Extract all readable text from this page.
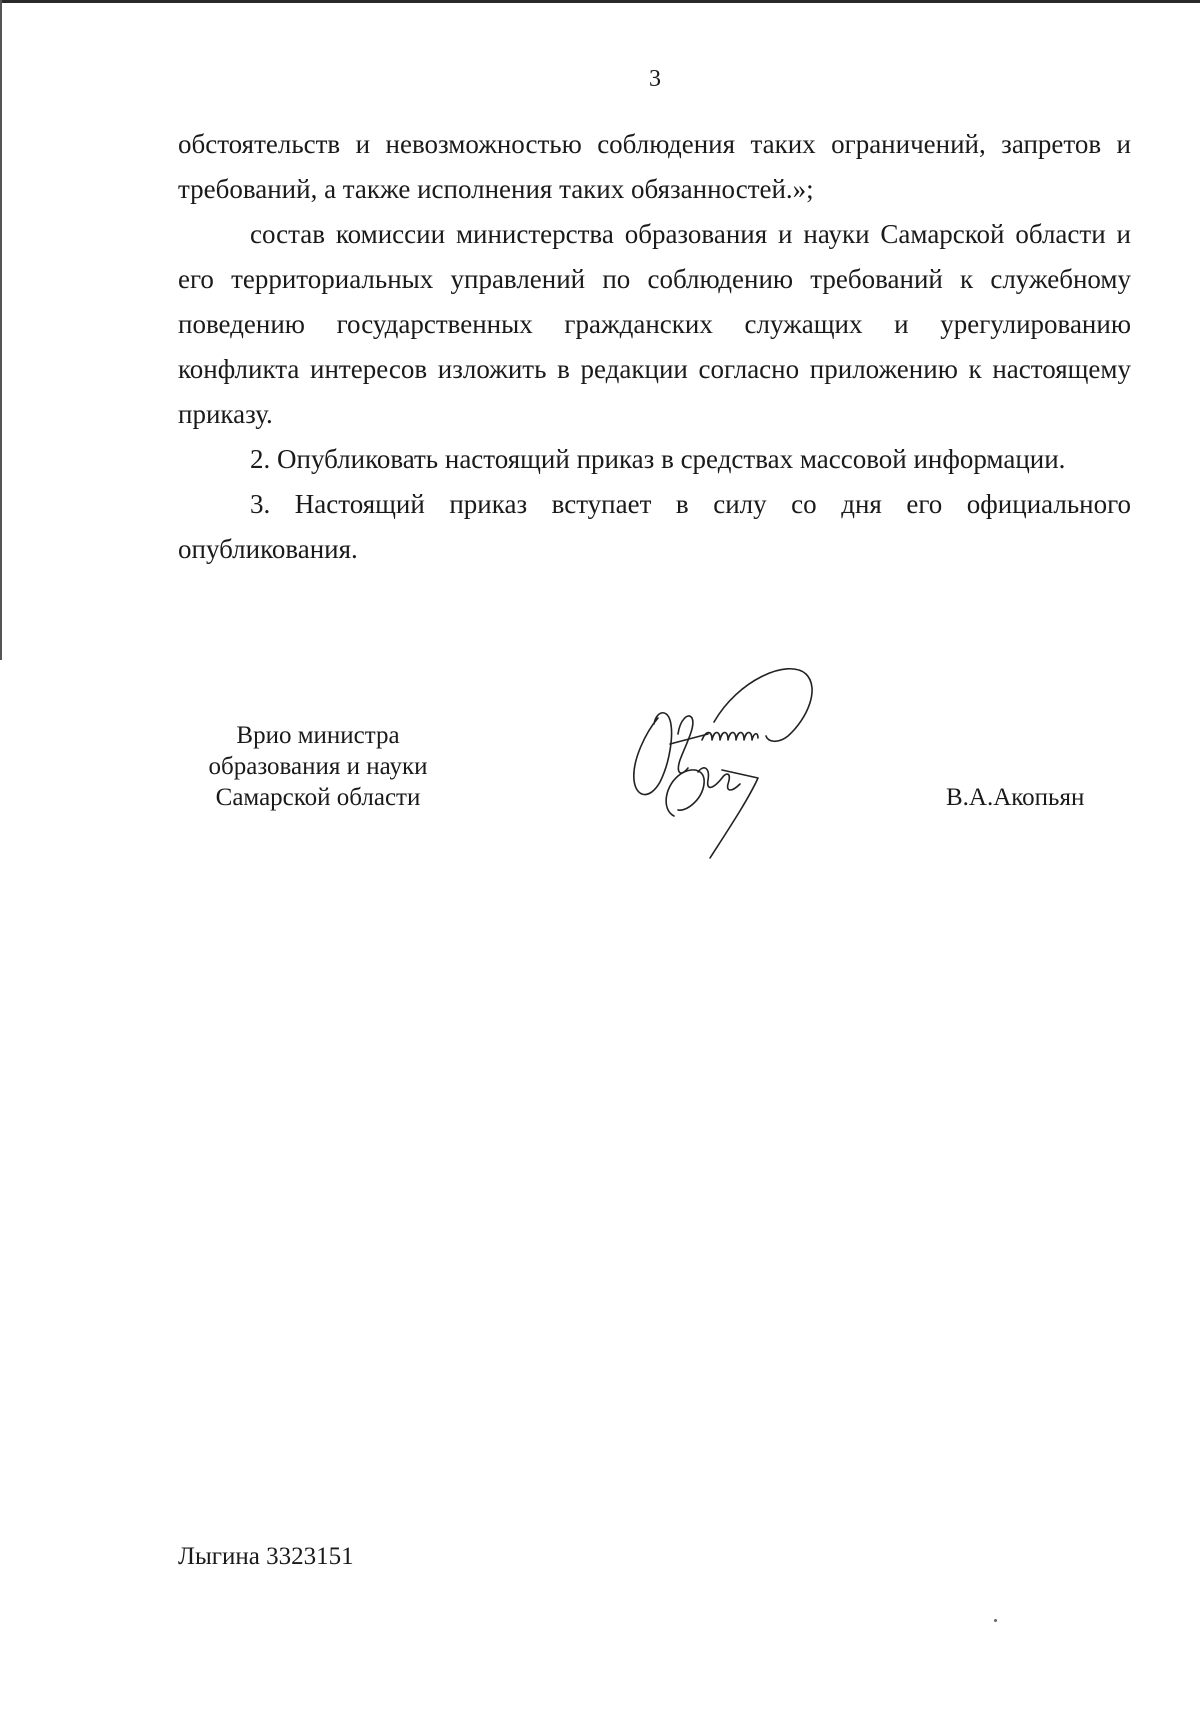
3

обстоятельств и невозможностью соблюдения таких ограничений, запретов и требований, а также исполнения таких обязанностей.»;

состав комиссии министерства образования и науки Самарской области и его территориальных управлений по соблюдению требований к служебному поведению государственных гражданских служащих и урегулированию конфликта интересов изложить в редакции согласно приложению к настоящему приказу.

2. Опубликовать настоящий приказ в средствах массовой информации.

3. Настоящий приказ вступает в силу со дня его официального опубликования.

Врио министра
образования и науки
Самарской области	В.А.Акопьян
Лыгина 3323151
